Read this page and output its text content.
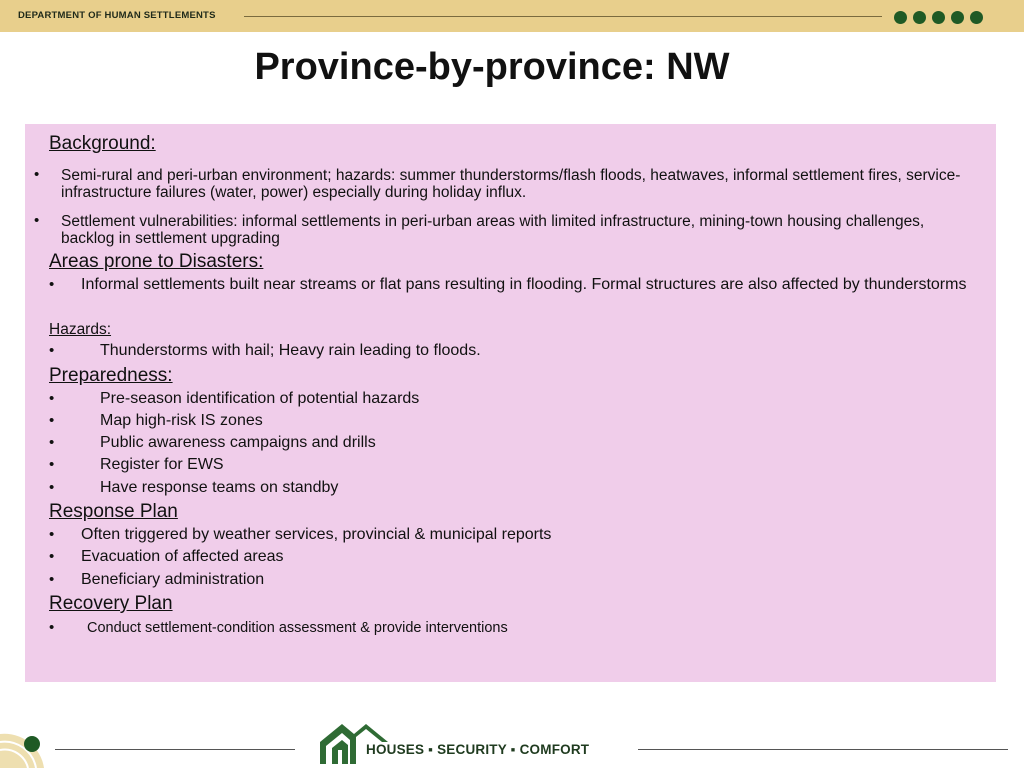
DEPARTMENT OF HUMAN SETTLEMENTS
Province-by-province: NW
Background:
• Semi-rural and peri-urban environment; hazards: summer thunderstorms/flash floods, heatwaves, informal settlement fires, service-infrastructure failures (water, power) especially during holiday influx.
• Settlement vulnerabilities: informal settlements in peri-urban areas with limited infrastructure, mining-town housing challenges, backlog in settlement upgrading
Areas prone to Disasters:
• Informal settlements built near streams or flat pans resulting in flooding. Formal structures are also affected by thunderstorms
Hazards:
•	Thunderstorms with hail; Heavy rain leading to floods.
Preparedness:
•	Pre-season identification of potential hazards
•	Map high-risk IS zones
•	Public awareness campaigns and drills
•	Register for EWS
•	Have response teams on standby
Response Plan
• Often triggered by weather services, provincial & municipal reports
• Evacuation of affected areas
• Beneficiary administration
Recovery Plan
• Conduct settlement-condition assessment & provide interventions
HOUSES ▪ SECURITY ▪ COMFORT
